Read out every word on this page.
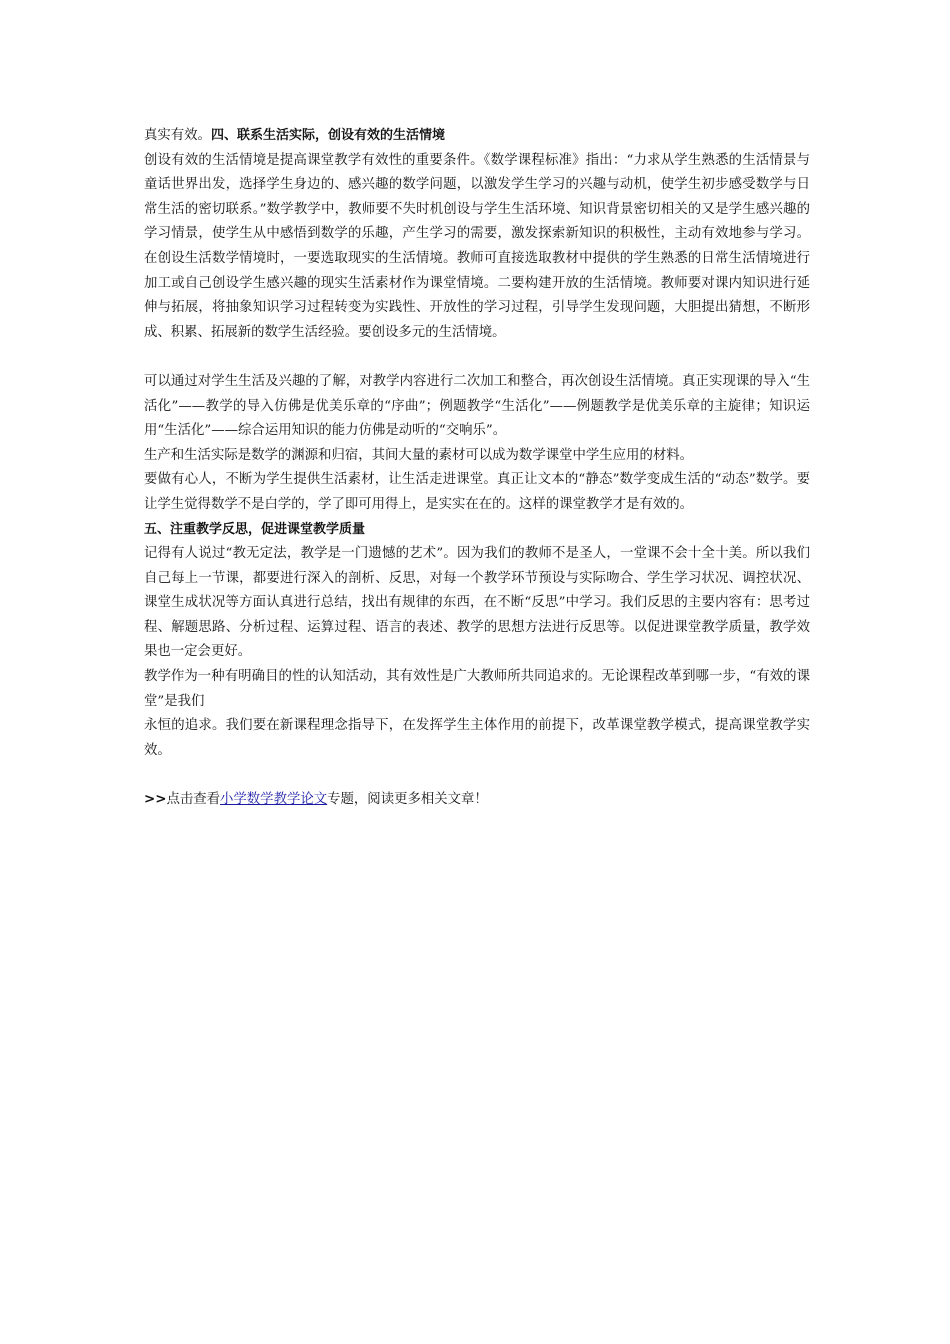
真实有效。四、联系生活实际，创设有效的生活情境

创设有效的生活情境是提高课堂教学有效性的重要条件。《数学课程标准》指出：“力求从学生熟悉的生活情景与童话世界出发，选择学生身边的、感兴趣的数学问题，以激发学生学习的兴趣与动机，使学生初步感受数学与日常生活的密切联系。”数学教学中，教师要不失时机创设与学生生活环境、知识背景密切相关的又是学生感兴趣的学习情景，使学生从中感悟到数学的乐趣，产生学习的需要，激发探索新知识的积极性，主动有效地参与学习。在创设生活数学情境时，一要选取现实的生活情境。教师可直接选取教材中提供的学生熟悉的日常生活情境进行加工或自己创设学生感兴趣的现实生活素材作为课堂情境。二要构建开放的生活情境。教师要对课内知识进行延伸与拓展，将抽象知识学习过程转变为实践性、开放性的学习过程，引导学生发现问题，大胆提出猜想，不断形成、积累、拓展新的数学生活经验。要创设多元的生活情境。

可以通过对学生生活及兴趣的了解，对教学内容进行二次加工和整合，再次创设生活情境。真正实现课的导入“生活化”——教学的导入仿佛是优美乐章的“序曲”；例题教学“生活化”——例题教学是优美乐章的主旋律；知识运用“生活化”——综合运用知识的能力仿佛是动听的“交响乐”。

生产和生活实际是数学的渊源和归宿，其间大量的素材可以成为数学课堂中学生应用的材料。

要做有心人，不断为学生提供生活素材，让生活走进课堂。真正让文本的“静态”数学变成生活的“动态”数学。要让学生觉得数学不是白学的，学了即可用得上，是实实在在的。这样的课堂教学才是有效的。

五、注重教学反思，促进课堂教学质量

记得有人说过“教无定法，教学是一门遗憾的艺术”。因为我们的教师不是圣人，一堂课不会十全十美。所以我们自己每上一节课，都要进行深入的剖析、反思，对每一个教学环节预设与实际吻合、学生学习状况、调控状况、课堂生成状况等方面认真进行总结，找出有规律的东西，在不断“反思”中学习。我们反思的主要内容有：思考过程、解题思路、分析过程、运算过程、语言的表述、教学的思想方法进行反思等。以促进课堂教学质量，教学效果也一定会更好。

教学作为一种有明确目的性的认知活动，其有效性是广大教师所共同追求的。无论课程改革到哪一步，“有效的课堂”是我们

永恒的追求。我们要在新课程理念指导下，在发挥学生主体作用的前提下，改革课堂教学模式，提高课堂教学实效。

>>点击查看小学数学教学论文专题，阅读更多相关文章！
